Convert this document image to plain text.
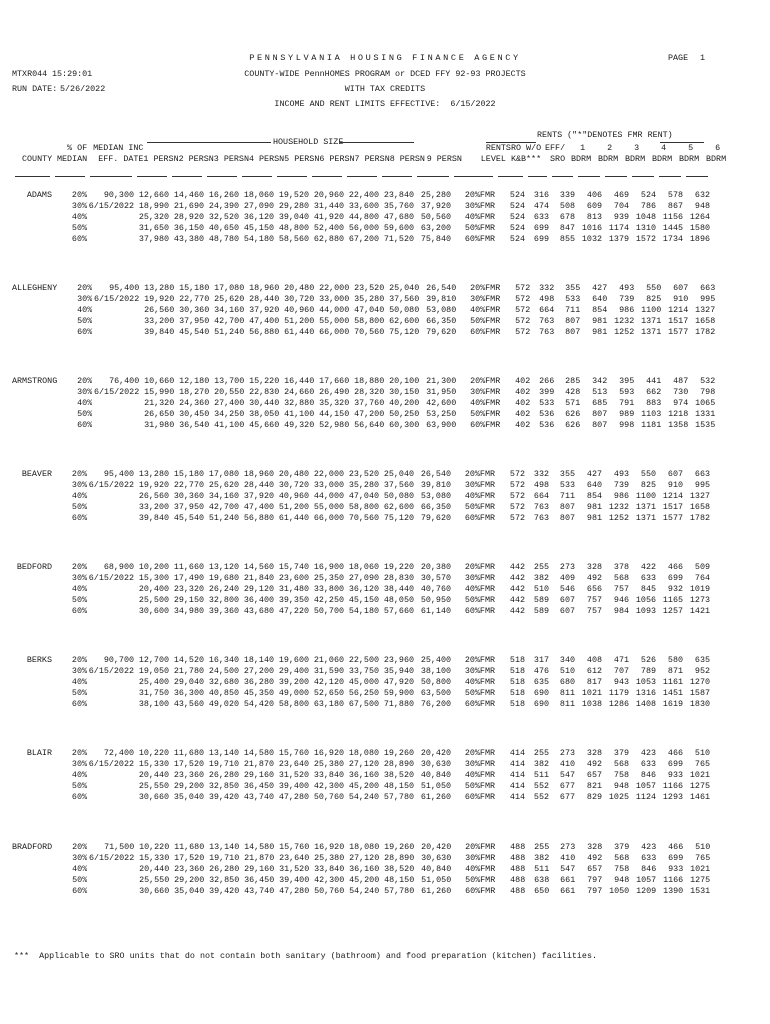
PENNSYLVANIA HOUSING FINANCE AGENCY	PAGE 1
MTXR044 15:29:01
RUN DATE: 5/26/2022
COUNTY-WIDE PennHOMES PROGRAM or DCED FFY 92-93 PROJECTS
WITH TAX CREDITS
INCOME AND RENT LIMITS EFFECTIVE:  6/15/2022
HOUSEHOLD SIZE
RENTS ("*"DENOTES FMR RENT)
	% OF	MEDIAN INC										RENT	SRO W/O	EFF/	1	2	3	4	5	6
COUNTY	MEDIAN	EFF. DATE	1 PERSN	2 PERSN	3 PERSN	4 PERSN	5 PERSN	6 PERSN	7 PERSN	8 PERSN	9 PERSN	LEVEL	K&B***	SRO	BDRM	BDRM	BDRM	BDRM	BDRM	BDRM
ADAMS	20%	90,300	12,660	14,460	16,260	18,060	19,520	20,960	22,400	23,840	25,280	20%FMR	524	316	339	406	469	524	578	632
	30%	6/15/2022	18,990	21,690	24,390	27,090	29,280	31,440	33,600	35,760	37,920	30%FMR	524	474	508	609	704	786	867	948
	40%		25,320	28,920	32,520	36,120	39,040	41,920	44,800	47,680	50,560	40%FMR	524	633	678	813	939	1048	1156	1264
	50%		31,650	36,150	40,650	45,150	48,800	52,400	56,000	59,600	63,200	50%FMR	524	699	847	1016	1174	1310	1445	1580
	60%		37,980	43,380	48,780	54,180	58,560	62,880	67,200	71,520	75,840	60%FMR	524	699	855	1032	1379	1572	1734	1896
ALLEGHENY	20%	95,400	13,280	15,180	17,080	18,960	20,480	22,000	23,520	25,040	26,540	20%FMR	572	332	355	427	493	550	607	663
	30%	6/15/2022	19,920	22,770	25,620	28,440	30,720	33,000	35,280	37,560	39,810	30%FMR	572	498	533	640	739	825	910	995
	40%		26,560	30,360	34,160	37,920	40,960	44,000	47,040	50,080	53,080	40%FMR	572	664	711	854	986	1100	1214	1327
	50%		33,200	37,950	42,700	47,400	51,200	55,000	58,800	62,600	66,350	50%FMR	572	763	807	981	1232	1371	1517	1658
	60%		39,840	45,540	51,240	56,880	61,440	66,000	70,560	75,120	79,620	60%FMR	572	763	807	981	1252	1371	1577	1782
ARMSTRONG	20%	76,400	10,660	12,180	13,700	15,220	16,440	17,660	18,880	20,100	21,300	20%FMR	402	266	285	342	395	441	487	532
	30%	6/15/2022	15,990	18,270	20,550	22,830	24,660	26,490	28,320	30,150	31,950	30%FMR	402	399	428	513	593	662	730	798
	40%		21,320	24,360	27,400	30,440	32,880	35,320	37,760	40,200	42,600	40%FMR	402	533	571	685	791	883	974	1065
	50%		26,650	30,450	34,250	38,050	41,100	44,150	47,200	50,250	53,250	50%FMR	402	536	626	807	989	1103	1218	1331
	60%		31,980	36,540	41,100	45,660	49,320	52,980	56,640	60,300	63,900	60%FMR	402	536	626	807	998	1181	1358	1535
BEAVER	20%	95,400	13,280	15,180	17,080	18,960	20,480	22,000	23,520	25,040	26,540	20%FMR	572	332	355	427	493	550	607	663
	30%	6/15/2022	19,920	22,770	25,620	28,440	30,720	33,000	35,280	37,560	39,810	30%FMR	572	498	533	640	739	825	910	995
	40%		26,560	30,360	34,160	37,920	40,960	44,000	47,040	50,080	53,080	40%FMR	572	664	711	854	986	1100	1214	1327
	50%		33,200	37,950	42,700	47,400	51,200	55,000	58,800	62,600	66,350	50%FMR	572	763	807	981	1232	1371	1517	1658
	60%		39,840	45,540	51,240	56,880	61,440	66,000	70,560	75,120	79,620	60%FMR	572	763	807	981	1252	1371	1577	1782
BEDFORD	20%	68,900	10,200	11,660	13,120	14,560	15,740	16,900	18,060	19,220	20,380	20%FMR	442	255	273	328	378	422	466	509
	30%	6/15/2022	15,300	17,490	19,680	21,840	23,600	25,350	27,090	28,830	30,570	30%FMR	442	382	409	492	568	633	699	764
	40%		20,400	23,320	26,240	29,120	31,480	33,800	36,120	38,440	40,760	40%FMR	442	510	546	656	757	845	932	1019
	50%		25,500	29,150	32,800	36,400	39,350	42,250	45,150	48,050	50,950	50%FMR	442	589	607	757	946	1056	1165	1273
	60%		30,600	34,980	39,360	43,680	47,220	50,700	54,180	57,660	61,140	60%FMR	442	589	607	757	984	1093	1257	1421
BERKS	20%	90,700	12,700	14,520	16,340	18,140	19,600	21,060	22,500	23,960	25,400	20%FMR	518	317	340	408	471	526	580	635
	30%	6/15/2022	19,050	21,780	24,500	27,200	29,400	31,590	33,750	35,940	38,100	30%FMR	518	476	510	612	707	789	871	952
	40%		25,400	29,040	32,680	36,280	39,200	42,120	45,000	47,920	50,800	40%FMR	518	635	680	817	943	1053	1161	1270
	50%		31,750	36,300	40,850	45,350	49,000	52,650	56,250	59,900	63,500	50%FMR	518	690	811	1021	1179	1316	1451	1587
	60%		38,100	43,560	49,020	54,420	58,800	63,180	67,500	71,880	76,200	60%FMR	518	690	811	1038	1286	1408	1619	1830
BLAIR	20%	72,400	10,220	11,680	13,140	14,580	15,760	16,920	18,080	19,260	20,420	20%FMR	414	255	273	328	379	423	466	510
	30%	6/15/2022	15,330	17,520	19,710	21,870	23,640	25,380	27,120	28,890	30,630	30%FMR	414	382	410	492	568	633	699	765
	40%		20,440	23,360	26,280	29,160	31,520	33,840	36,160	38,520	40,840	40%FMR	414	511	547	657	758	846	933	1021
	50%		25,550	29,200	32,850	36,450	39,400	42,300	45,200	48,150	51,050	50%FMR	414	552	677	821	948	1057	1166	1275
	60%		30,660	35,040	39,420	43,740	47,280	50,760	54,240	57,780	61,260	60%FMR	414	552	677	829	1025	1124	1293	1461
BRADFORD	20%	71,500	10,220	11,680	13,140	14,580	15,760	16,920	18,080	19,260	20,420	20%FMR	488	255	273	328	379	423	466	510
	30%	6/15/2022	15,330	17,520	19,710	21,870	23,640	25,380	27,120	28,890	30,630	30%FMR	488	382	410	492	568	633	699	765
	40%		20,440	23,360	26,280	29,160	31,520	33,840	36,160	38,520	40,840	40%FMR	488	511	547	657	758	846	933	1021
	50%		25,550	29,200	32,850	36,450	39,400	42,300	45,200	48,150	51,050	50%FMR	488	638	661	797	948	1057	1166	1275
	60%		30,660	35,040	39,420	43,740	47,280	50,760	54,240	57,780	61,260	60%FMR	488	650	661	797	1050	1209	1390	1531
***  Applicable to SRO units that do not contain both sanitary (bathroom) and food preparation (kitchen) facilities.
